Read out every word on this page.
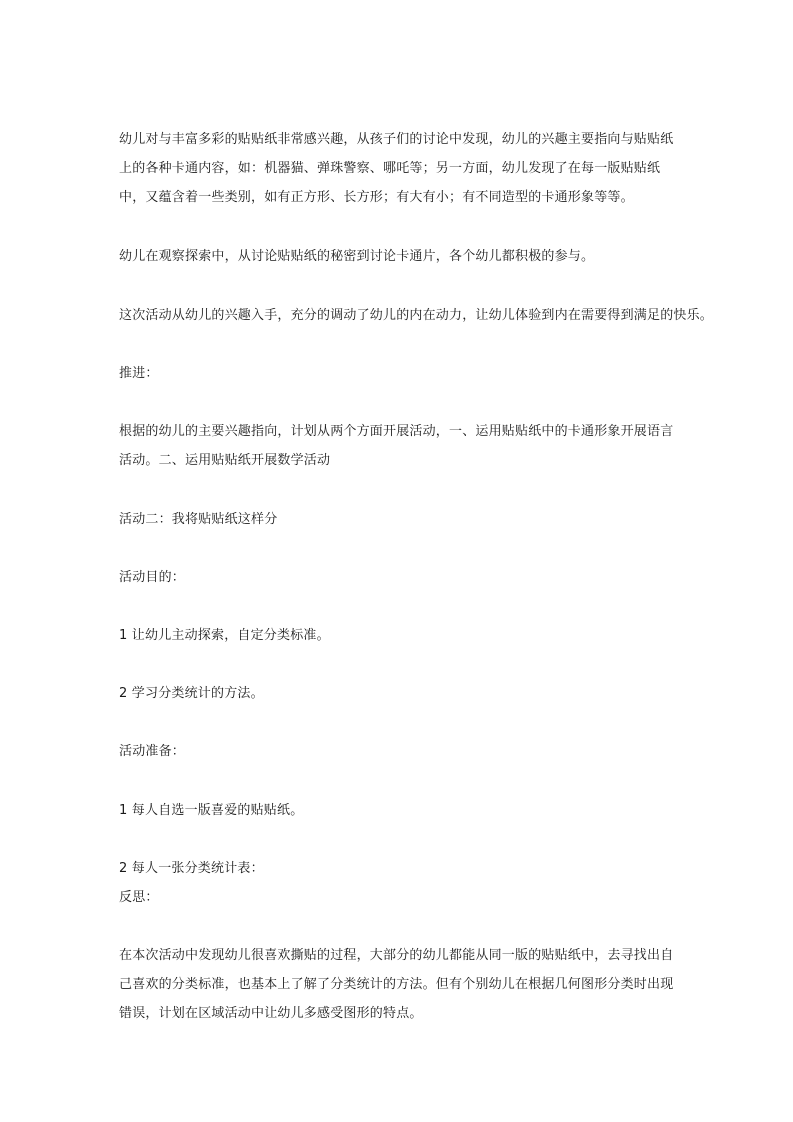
幼儿对与丰富多彩的贴贴纸非常感兴趣，从孩子们的讨论中发现，幼儿的兴趣主要指向与贴贴纸上的各种卡通内容，如：机器猫、弹珠警察、哪吒等；另一方面，幼儿发现了在每一版贴贴纸中，又蕴含着一些类别，如有正方形、长方形；有大有小；有不同造型的卡通形象等等。

幼儿在观察探索中，从讨论贴贴纸的秘密到讨论卡通片，各个幼儿都积极的参与。

这次活动从幼儿的兴趣入手，充分的调动了幼儿的内在动力，让幼儿体验到内在需要得到满足的快乐。

推进：

根据的幼儿的主要兴趣指向，计划从两个方面开展活动，一、运用贴贴纸中的卡通形象开展语言活动。二、运用贴贴纸开展数学活动

活动二：我将贴贴纸这样分

活动目的：

1 让幼儿主动探索，自定分类标准。

2 学习分类统计的方法。

活动准备：

1 每人自选一版喜爱的贴贴纸。

2 每人一张分类统计表：

反思：

在本次活动中发现幼儿很喜欢撕贴的过程，大部分的幼儿都能从同一版的贴贴纸中，去寻找出自己喜欢的分类标准，也基本上了解了分类统计的方法。但有个别幼儿在根据几何图形分类时出现错误，计划在区域活动中让幼儿多感受图形的特点。
